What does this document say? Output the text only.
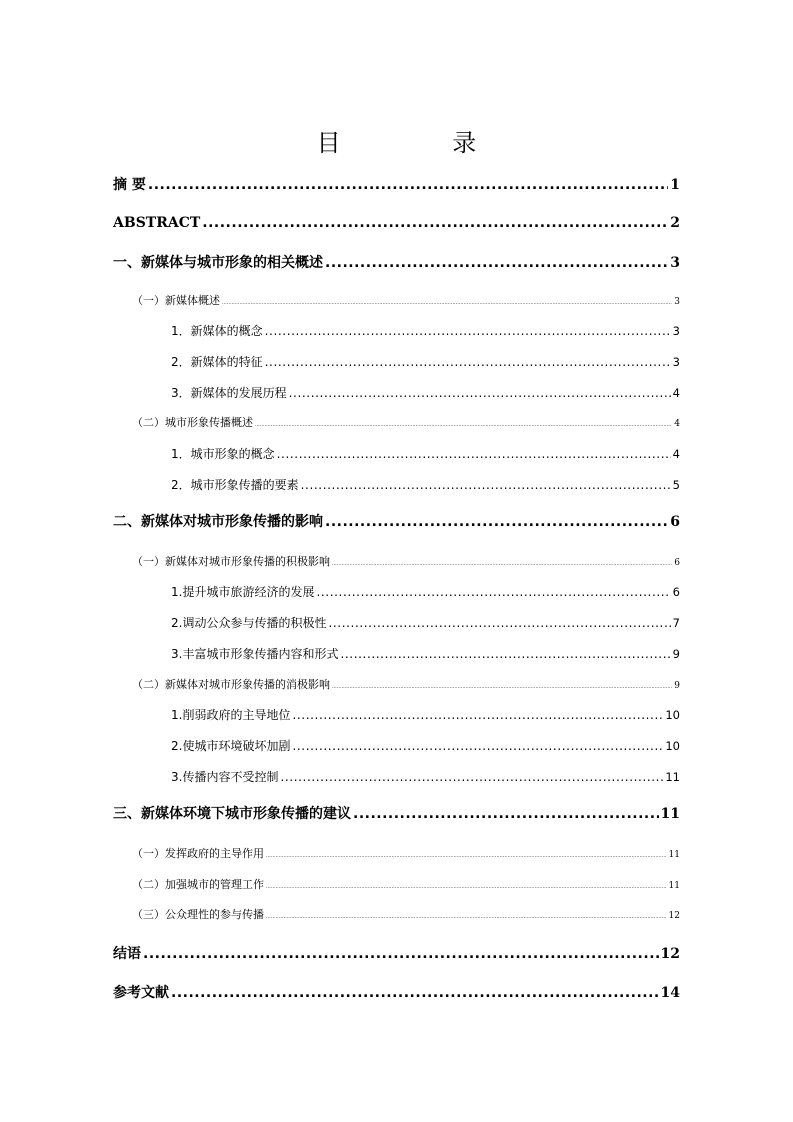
目 录
摘 要 .....	1
ABSTRACT .....	2
一、新媒体与城市形象的相关概述 .....	3
（一）新媒体概述 .....	3
1．新媒体的概念 .....	3
2．新媒体的特征 .....	3
3．新媒体的发展历程 .....	4
（二）城市形象传播概述 .....	4
1．城市形象的概念 .....	4
2．城市形象传播的要素 .....	5
二、新媒体对城市形象传播的影响 .....	6
（一）新媒体对城市形象传播的积极影响 .....	6
1.提升城市旅游经济的发展 .....	6
2.调动公众参与传播的积极性 .....	7
3.丰富城市形象传播内容和形式 .....	9
（二）新媒体对城市形象传播的消极影响 .....	9
1.削弱政府的主导地位 .....	10
2.使城市环境破坏加剧 .....	10
3.传播内容不受控制 .....	11
三、新媒体环境下城市形象传播的建议 .....	11
（一）发挥政府的主导作用 .....	11
（二）加强城市的管理工作 .....	11
（三）公众理性的参与传播 .....	12
结语 .....	12
参考文献 .....	14
